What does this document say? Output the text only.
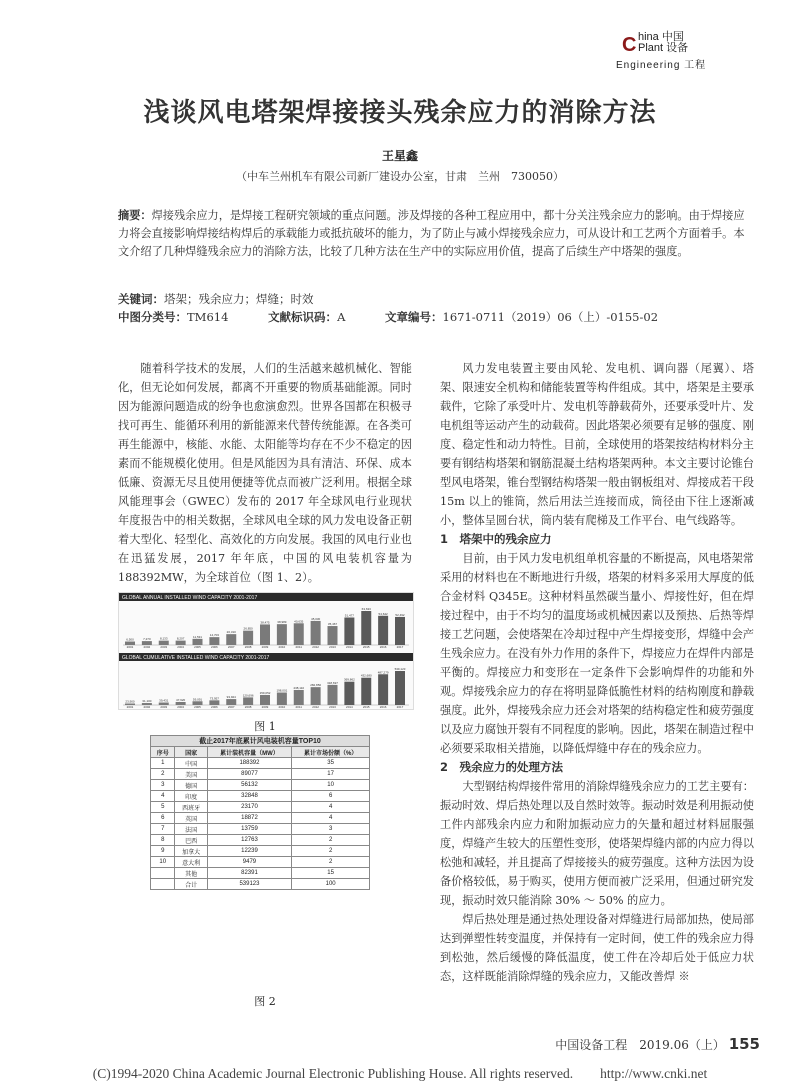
C hina 中国
Plant 设备
Engineering 工程
浅谈风电塔架焊接接头残余应力的消除方法
王星鑫
（中车兰州机车有限公司新厂建设办公室，甘肃　兰州　730050）
摘要：焊接残余应力，是焊接工程研究领域的重点问题。涉及焊接的各种工程应用中，都十分关注残余应力的影响。由于焊接应力将会直接影响焊接结构焊后的承载能力或抵抗破坏的能力，为了防止与减小焊接残余应力，可从设计和工艺两个方面着手。本文介绍了几种焊缝残余应力的消除方法，比较了几种方法在生产中的实际应用价值，提高了后续生产中塔架的强度。
关键词：塔架；残余应力；焊缝；时效
中图分类号：TM614	文献标识码：A	文章编号：1671-0711（2019）06（上）-0155-02

随着科学技术的发展，人们的生活越来越机械化、智能化，但无论如何发展，都离不开重要的物质基础能源。同时因为能源问题造成的纷争也愈演愈烈。世界各国都在积极寻找可再生、能循环利用的新能源来代替传统能源。在各类可再生能源中，核能、水能、太阳能等均存在不少不稳定的因素而不能规模化使用。但是风能因为具有清洁、环保、成本低廉、资源无尽且使用便捷等优点而被广泛利用。根据全球风能理事会（GWEC）发布的 2017 年全球风电行业现状年度报告中的相关数据，全球风电全球的风力发电设备正朝着大型化、轻型化、高效化的方向发展。我国的风电行业也在迅猛发展，2017 年年底，中国的风电装机容量为 188392MW，为全球首位（图 1、2）。

GLOBAL ANNUAL INSTALLED WIND CAPACITY 2001-2017
6,500
2001
7,270
2002
8,133
2003
8,207
2004
11,531
2005
14,703
2006
20,310
2007
26,850
2008
38,475
2009
38,989
2010
40,635
2011
45,030
2012
35,467
2013
51,477
2014
63,633
2015
54,642
2016
52,492
2017
GLOBAL CUMULATIVE INSTALLED WIND CAPACITY 2001-2017
23,900
2001
31,100
2002
39,431
2003
47,620
2004
59,091
2005
73,957
2006
93,924
2007
120,696
2008
159,052
2009
198,001
2010
238,110
2011
282,850
2012
318,697
2013
369,862
2014
432,680
2015
487,279
2016
539,123
2017
图 1
截止2017年底累计风电装机容量TOP10
序号	国家	累计装机容量（MW）	累计市场份额（%）
1	中国	188392	35
2	美国	89077	17
3	德国	56132	10
4	印度	32848	6
5	西班牙	23170	4
6	英国	18872	4
7	法国	13759	3
8	巴西	12763	2
9	加拿大	12239	2
10	意大利	9479	2
	其他	82391	15
	合计	539123	100
图 2

风力发电装置主要由风轮、发电机、调向器（尾翼）、塔架、限速安全机构和储能装置等构件组成。其中，塔架是主要承载件，它除了承受叶片、发电机等静载荷外，还要承受叶片、发电机组等运动产生的动载荷。因此塔架必须要有足够的强度、刚度、稳定性和动力特性。目前，全球使用的塔架按结构材料分主要有钢结构塔架和钢筋混凝土结构塔架两种。本文主要讨论锥台型风电塔架，锥台型钢结构塔架一般由钢板组对、焊接成若干段 15m 以上的锥筒，然后用法兰连接而成，筒径由下往上逐渐减小，整体呈圆台状，筒内装有爬梯及工作平台、电气线路等。

1　塔架中的残余应力

目前，由于风力发电机组单机容量的不断提高，风电塔架常采用的材料也在不断地进行升级，塔架的材料多采用大厚度的低合金材料 Q345E。这种材料虽然碳当量小、焊接性好，但在焊接过程中，由于不均匀的温度场或机械因素以及预热、后热等焊接工艺问题，会使塔架在冷却过程中产生焊接变形，焊缝中会产生残余应力。在没有外力作用的条件下，焊接应力在焊件内部是平衡的。焊接应力和变形在一定条件下会影响焊件的功能和外观。焊接残余应力的存在将明显降低脆性材料的结构刚度和静载强度。此外，焊接残余应力还会对塔架的结构稳定性和疲劳强度以及应力腐蚀开裂有不同程度的影响。因此，塔架在制造过程中必须要采取相关措施，以降低焊缝中存在的残余应力。

2　残余应力的处理方法

大型钢结构焊接件常用的消除焊缝残余应力的工艺主要有：振动时效、焊后热处理以及自然时效等。振动时效是利用振动使工件内部残余内应力和附加振动应力的矢量和超过材料屈服强度，焊缝产生较大的压塑性变形，使塔架焊缝内部的内应力得以松弛和减轻，并且提高了焊接接头的疲劳强度。这种方法因为设备价格较低，易于购买，使用方便而被广泛采用，但通过研究发现，振动时效只能消除 30% ～ 50% 的应力。

焊后热处理是通过热处理设备对焊缝进行局部加热，使局部达到弹塑性转变温度，并保持有一定时间，使工件的残余应力得到松弛，然后缓慢的降低温度，使工件在冷却后处于低应力状态，这样既能消除焊缝的残余应力，又能改善焊 ※

中国设备工程　2019.06（上） 155
(C)1994-2020 China Academic Journal Electronic Publishing House. All rights reserved.　　http://www.cnki.net
